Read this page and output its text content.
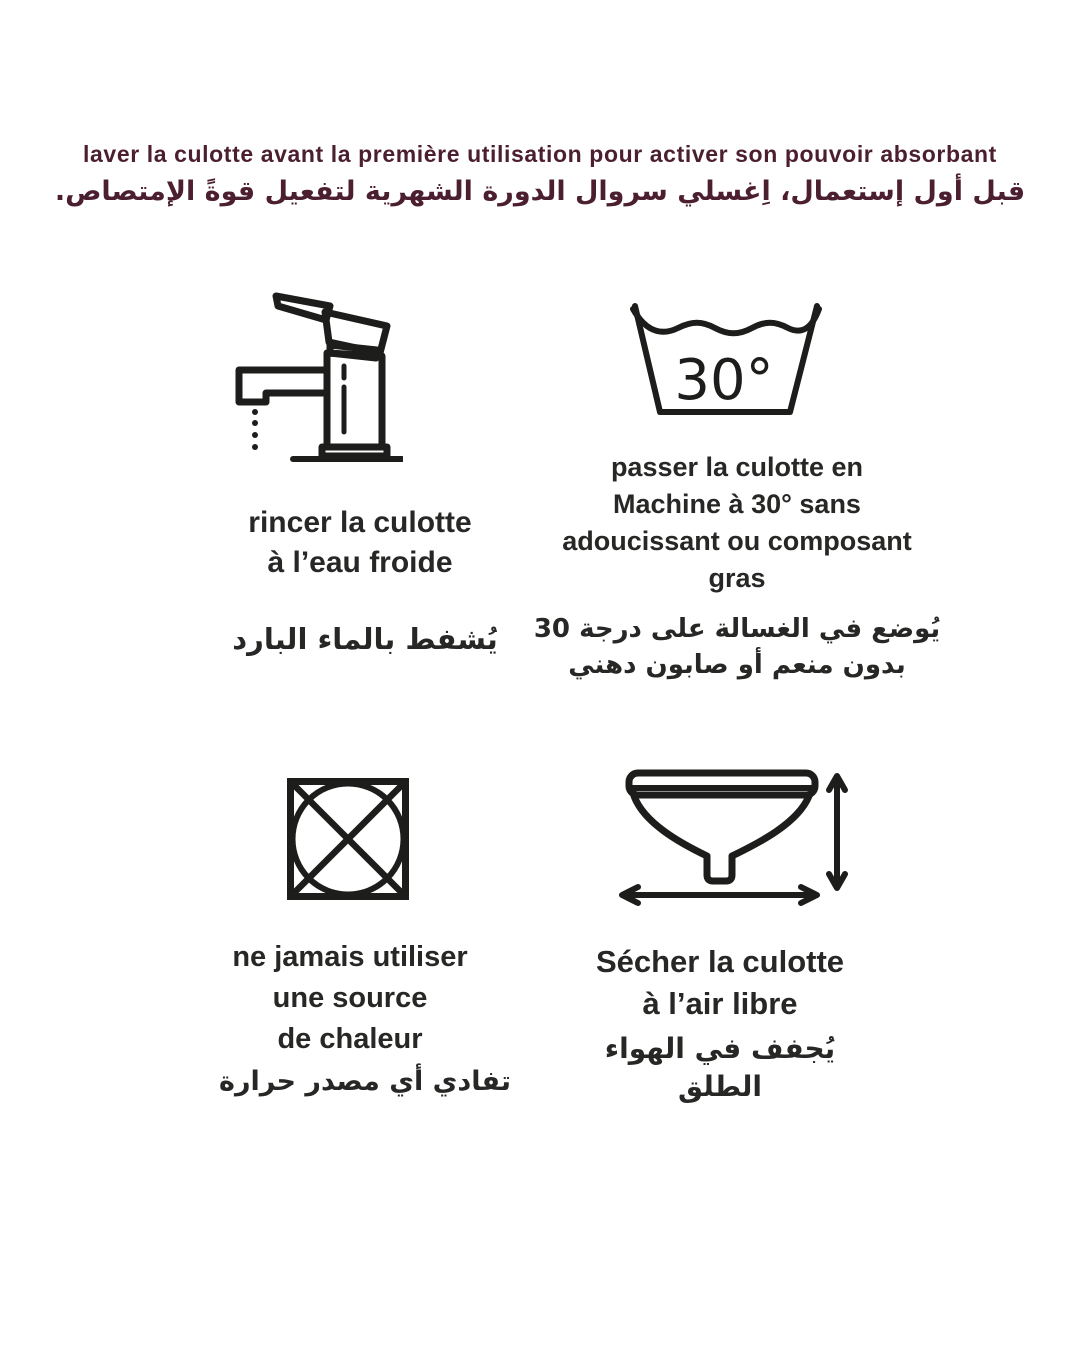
laver la culotte avant la première utilisation pour activer son pouvoir absorbant
قبل أول إستعمال، اِغسلي سروال الدورة الشهرية لتفعيل قوةً الإمتصاص.
rincer la culotte
à l’eau froide
يُشفط بالماء البارد
30°
passer la culotte en
Machine à 30° sans
adoucissant ou composant
gras
يُوضع في الغسالة على درجة 30
بدون منعم أو صابون دهني
ne jamais utiliser
une source
de chaleur
تفادي أي مصدر حرارة
Sécher la culotte
à l’air libre
يُجفف في الهواء
الطلق
